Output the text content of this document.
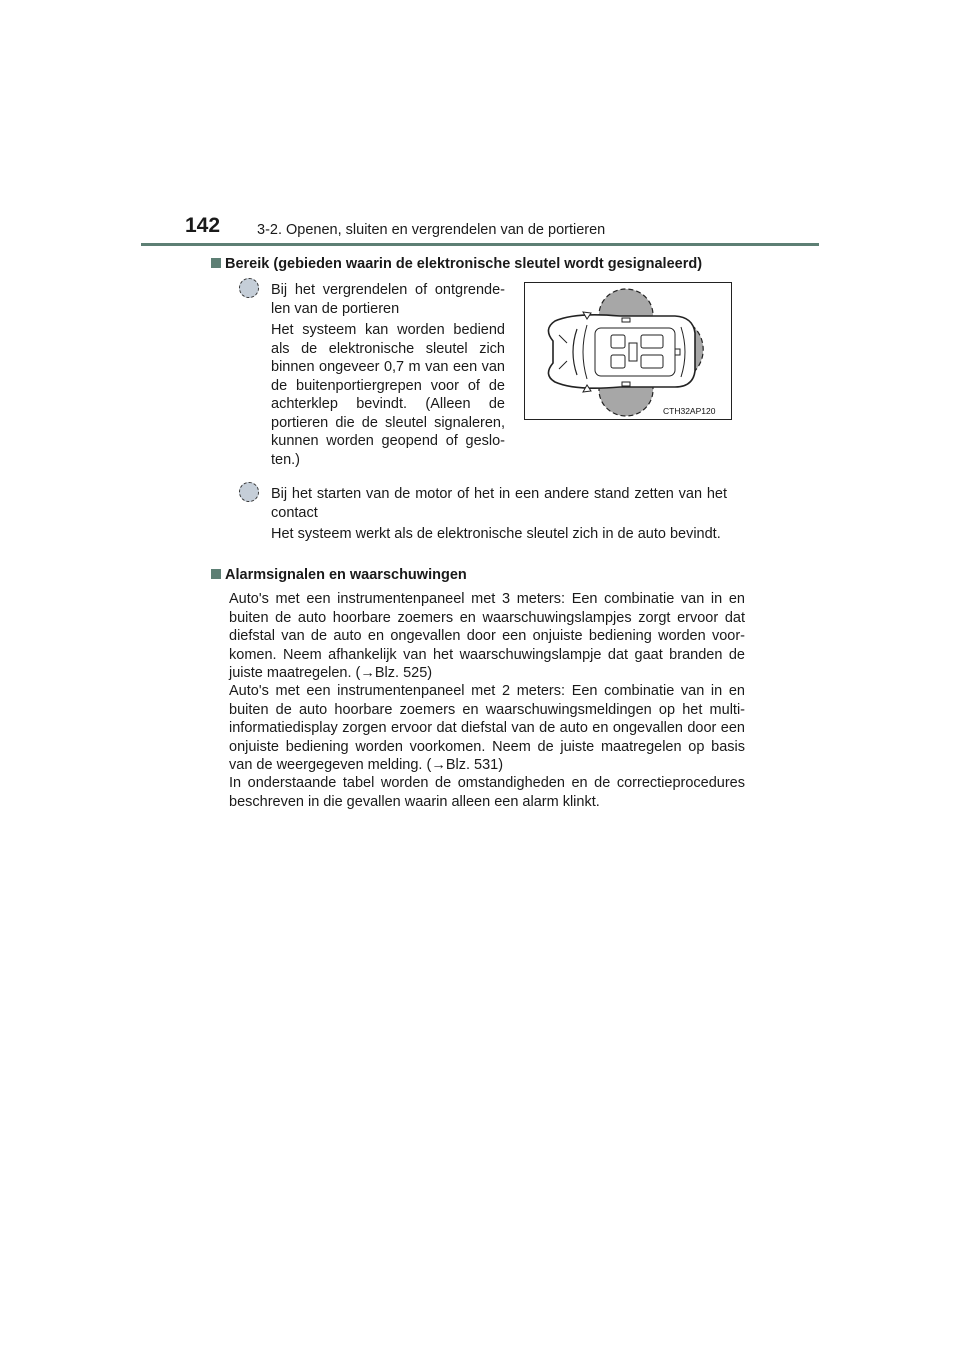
142	3-2. Openen, sluiten en vergrendelen van de portieren
Bereik (gebieden waarin de elektronische sleutel wordt gesignaleerd)
Bij het vergrendelen of ontgrende-len van de portieren
Het systeem kan worden bediend als de elektronische sleutel zich binnen ongeveer 0,7 m van een van de buitenportiergrepen voor of de achterklep bevindt. (Alleen de portieren die de sleutel signaleren, kunnen worden geopend of geslo-ten.)
CTH32AP120
Bij het starten van de motor of het in een andere stand zetten van het contact
Het systeem werkt als de elektronische sleutel zich in de auto bevindt.
Alarmsignalen en waarschuwingen
Auto's met een instrumentenpaneel met 3 meters: Een combinatie van in en buiten de auto hoorbare zoemers en waarschuwingslampjes zorgt ervoor dat diefstal van de auto en ongevallen door een onjuiste bediening worden voor-komen. Neem afhankelijk van het waarschuwingslampje dat gaat branden de juiste maatregelen. (→Blz. 525)
Auto's met een instrumentenpaneel met 2 meters: Een combinatie van in en buiten de auto hoorbare zoemers en waarschuwingsmeldingen op het multi-informatiedisplay zorgen ervoor dat diefstal van de auto en ongevallen door een onjuiste bediening worden voorkomen. Neem de juiste maatregelen op basis van de weergegeven melding. (→Blz. 531)
In onderstaande tabel worden de omstandigheden en de correctieprocedures beschreven in die gevallen waarin alleen een alarm klinkt.
